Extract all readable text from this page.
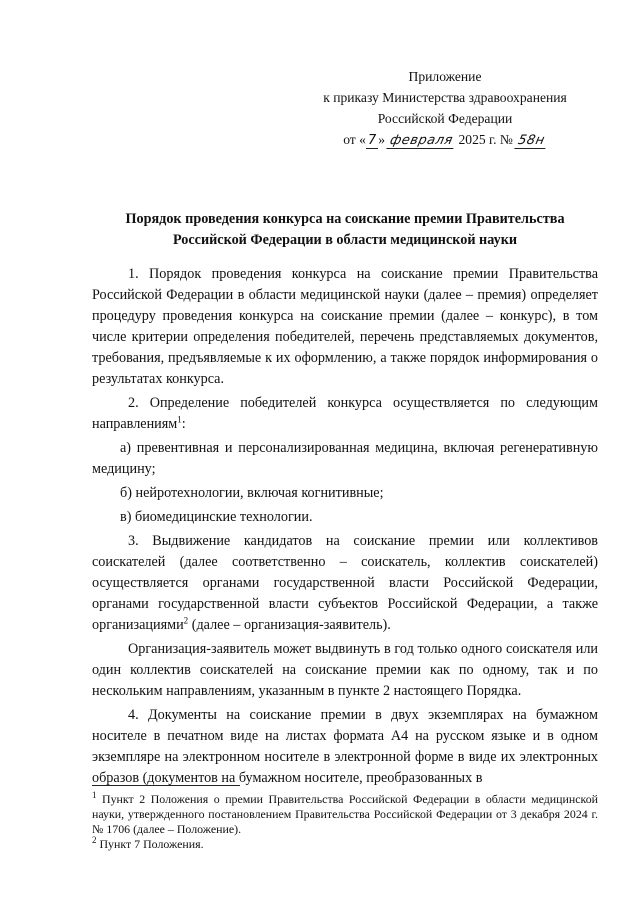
Приложение
к приказу Министерства здравоохранения
Российской Федерации
от « 7 » февраля 2025 г. № 58н
Порядок проведения конкурса на соискание премии Правительства
Российской Федерации в области медицинской науки

1. Порядок проведения конкурса на соискание премии Правительства Российской Федерации в области медицинской науки (далее – премия) определяет процедуру проведения конкурса на соискание премии (далее – конкурс), в том числе критерии определения победителей, перечень представляемых документов, требования, предъявляемые к их оформлению, а также порядок информирования о результатах конкурса.

2. Определение победителей конкурса осуществляется по следующим направлениям$^1$:

а) превентивная и персонализированная медицина, включая регенеративную медицину;

б) нейротехнологии, включая когнитивные;

в) биомедицинские технологии.

3. Выдвижение кандидатов на соискание премии или коллективов соискателей (далее соответственно – соискатель, коллектив соискателей) осуществляется органами государственной власти Российской Федерации, органами государственной власти субъектов Российской Федерации, а также организациями$^2$ (далее – организация-заявитель).

Организация-заявитель может выдвинуть в год только одного соискателя или один коллектив соискателей на соискание премии как по одному, так и по нескольким направлениям, указанным в пункте 2 настоящего Порядка.

4. Документы на соискание премии в двух экземплярах на бумажном носителе в печатном виде на листах формата А4 на русском языке и в одном экземпляре на электронном носителе в электронной форме в виде их электронных образов (документов на бумажном носителе, преобразованных в

$^1$ Пункт 2 Положения о премии Правительства Российской Федерации в области медицинской науки, утвержденного постановлением Правительства Российской Федерации от 3 декабря 2024 г. № 1706 (далее – Положение).

$^2$ Пункт 7 Положения.
